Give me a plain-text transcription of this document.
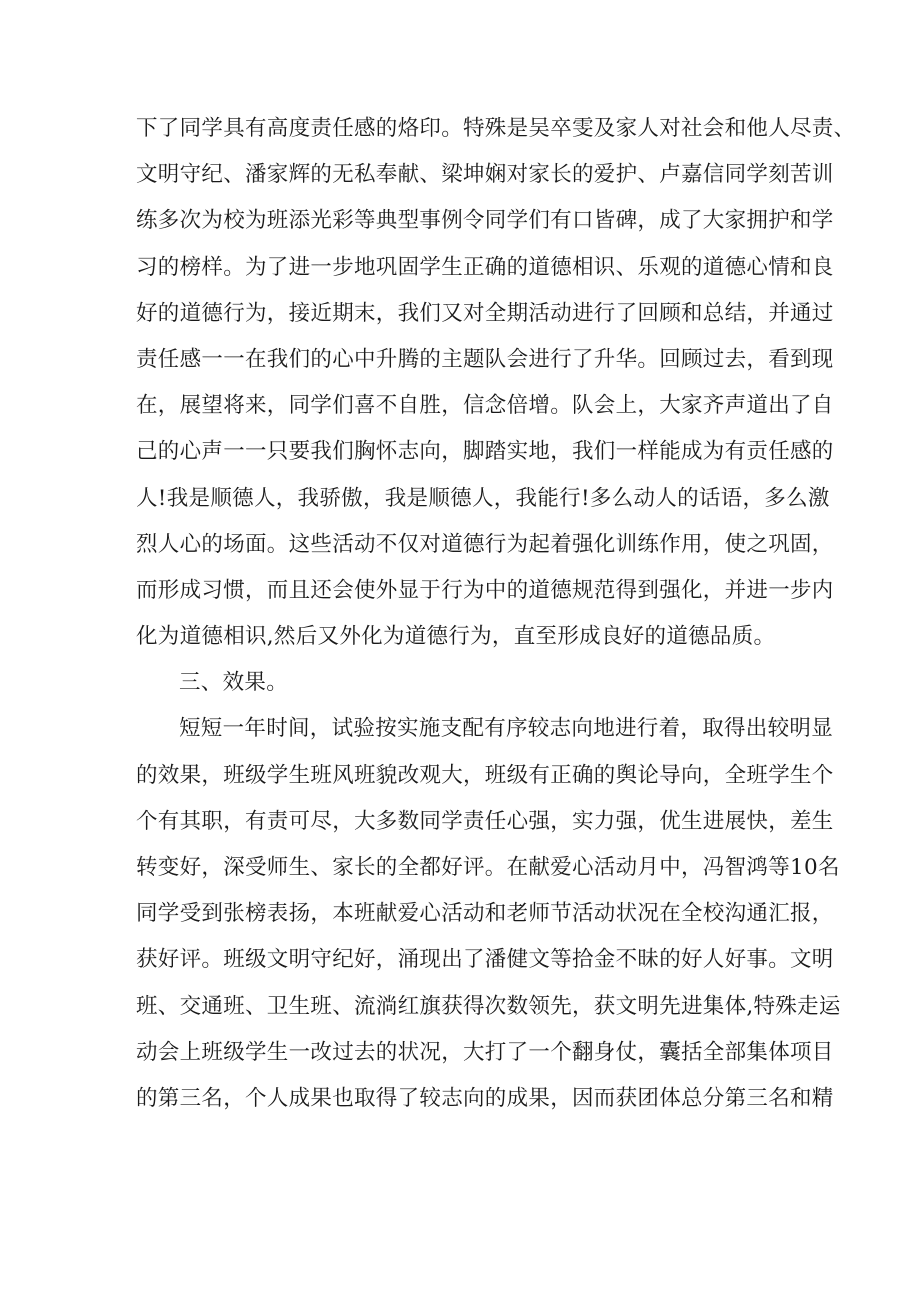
下了同学具有高度责任感的烙印。特殊是吴卒雯及家人对社会和他人尽责、
文明守纪、潘家辉的无私奉献、梁坤娴对家长的爱护、卢嘉信同学刻苦训
练多次为校为班添光彩等典型事例令同学们有口皆碑，成了大家拥护和学
习的榜样。为了进一步地巩固学生正确的道德相识、乐观的道德心情和良
好的道德行为，接近期末，我们又对全期活动进行了回顾和总结，并通过
责任感一一在我们的心中升腾的主题队会进行了升华。回顾过去，看到现
在，展望将来，同学们喜不自胜，信念倍增。队会上，大家齐声道出了自
己的心声一一只要我们胸怀志向，脚踏实地，我们一样能成为有贡任感的
人!我是顺德人，我骄傲，我是顺德人，我能行!多么动人的话语，多么激
烈人心的场面。这些活动不仅对道德行为起着强化训练作用，使之巩固，
而形成习惯，而且还会使外显于行为中的道德规范得到强化，并进一步内
化为道德相识,然后又外化为道德行为，直至形成良好的道德品质。
三、效果。
短短一年时间，试验按实施支配有序较志向地进行着，取得出较明显
的效果，班级学生班风班貌改观大，班级有正确的舆论导向，全班学生个
个有其职，有责可尽，大多数同学责任心强，实力强，优生进展快，差生
转变好，深受师生、家长的全都好评。在献爱心活动月中，冯智鸿等10名
同学受到张榜表扬，本班献爱心活动和老师节活动状况在全校沟通汇报，
获好评。班级文明守纪好，涌现出了潘健文等拾金不昧的好人好事。文明
班、交通班、卫生班、流淌红旗获得次数领先，获文明先进集体,特殊走运
动会上班级学生一改过去的状况，大打了一个翻身仗，囊括全部集体项目
的第三名，个人成果也取得了较志向的成果，因而获团体总分第三名和精
